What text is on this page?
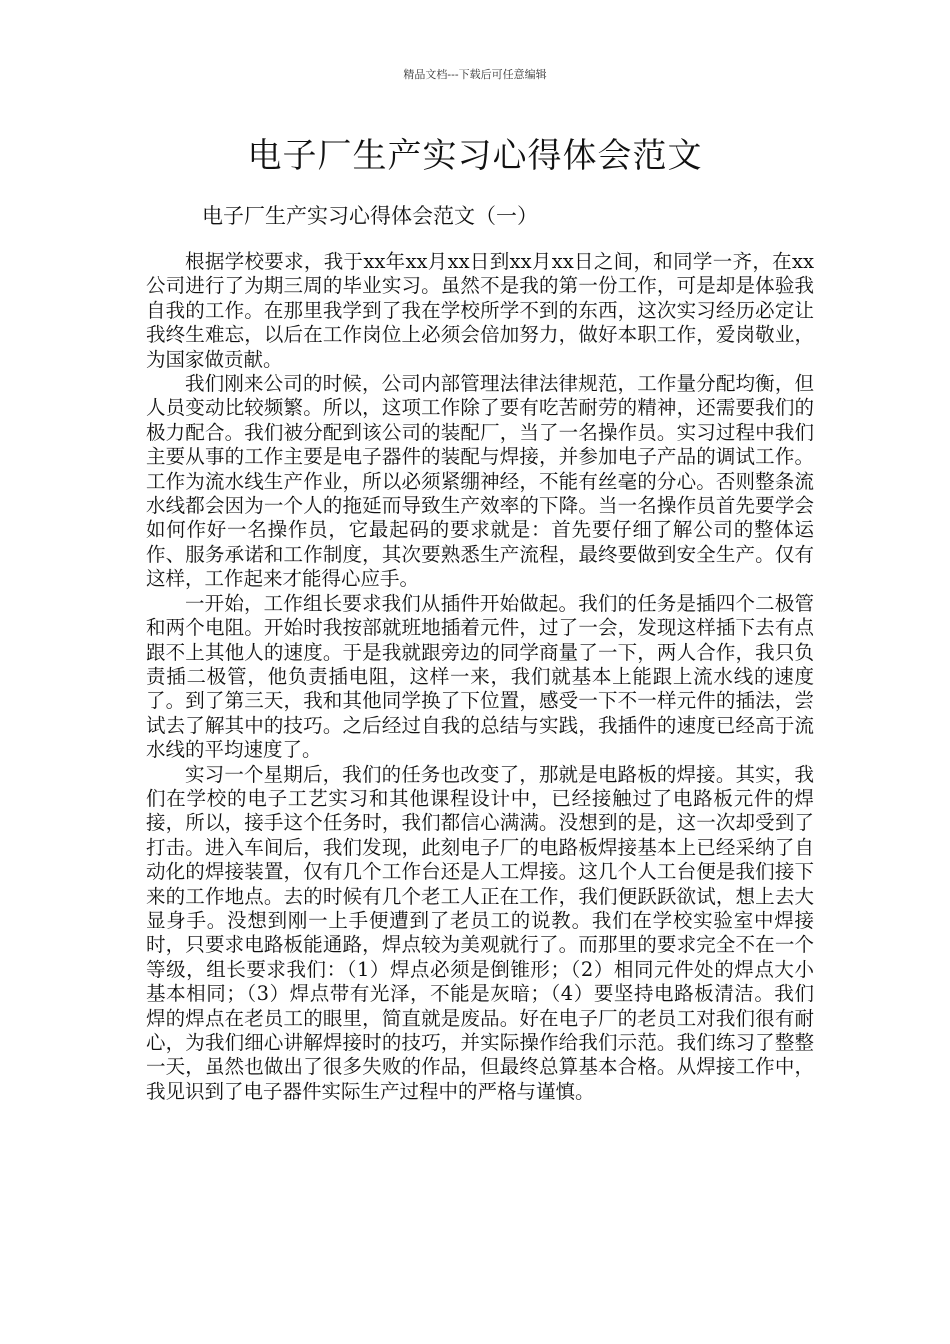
精品文档---下载后可任意编辑
电子厂生产实习心得体会范文
电子厂生产实习心得体会范文（一）

根据学校要求，我于xx年xx月xx日到xx月xx日之间，和同学一齐，在xx公司进行了为期三周的毕业实习。虽然不是我的第一份工作，可是却是体验我自我的工作。在那里我学到了我在学校所学不到的东西，这次实习经历必定让我终生难忘，以后在工作岗位上必须会倍加努力，做好本职工作，爱岗敬业，为国家做贡献。

我们刚来公司的时候，公司内部管理法律法律规范，工作量分配均衡，但人员变动比较频繁。所以，这项工作除了要有吃苦耐劳的精神，还需要我们的极力配合。我们被分配到该公司的装配厂，当了一名操作员。实习过程中我们主要从事的工作主要是电子器件的装配与焊接，并参加电子产品的调试工作。工作为流水线生产作业，所以必须紧绷神经，不能有丝毫的分心。否则整条流水线都会因为一个人的拖延而导致生产效率的下降。当一名操作员首先要学会如何作好一名操作员，它最起码的要求就是：首先要仔细了解公司的整体运作、服务承诺和工作制度，其次要熟悉生产流程，最终要做到安全生产。仅有这样，工作起来才能得心应手。

一开始，工作组长要求我们从插件开始做起。我们的任务是插四个二极管和两个电阻。开始时我按部就班地插着元件，过了一会，发现这样插下去有点跟不上其他人的速度。于是我就跟旁边的同学商量了一下，两人合作，我只负责插二极管，他负责插电阻，这样一来，我们就基本上能跟上流水线的速度了。到了第三天，我和其他同学换了下位置，感受一下不一样元件的插法，尝试去了解其中的技巧。之后经过自我的总结与实践，我插件的速度已经高于流水线的平均速度了。

实习一个星期后，我们的任务也改变了，那就是电路板的焊接。其实，我们在学校的电子工艺实习和其他课程设计中，已经接触过了电路板元件的焊接，所以，接手这个任务时，我们都信心满满。没想到的是，这一次却受到了打击。进入车间后，我们发现，此刻电子厂的电路板焊接基本上已经采纳了自动化的焊接装置，仅有几个工作台还是人工焊接。这几个人工台便是我们接下来的工作地点。去的时候有几个老工人正在工作，我们便跃跃欲试，想上去大显身手。没想到刚一上手便遭到了老员工的说教。我们在学校实验室中焊接时，只要求电路板能通路，焊点较为美观就行了。而那里的要求完全不在一个等级，组长要求我们：（1）焊点必须是倒锥形；（2）相同元件处的焊点大小基本相同；（3）焊点带有光泽，不能是灰暗；（4）要坚持电路板清洁。我们焊的焊点在老员工的眼里，简直就是废品。好在电子厂的老员工对我们很有耐心，为我们细心讲解焊接时的技巧，并实际操作给我们示范。我们练习了整整一天，虽然也做出了很多失败的作品，但最终总算基本合格。从焊接工作中，我见识到了电子器件实际生产过程中的严格与谨慎。
